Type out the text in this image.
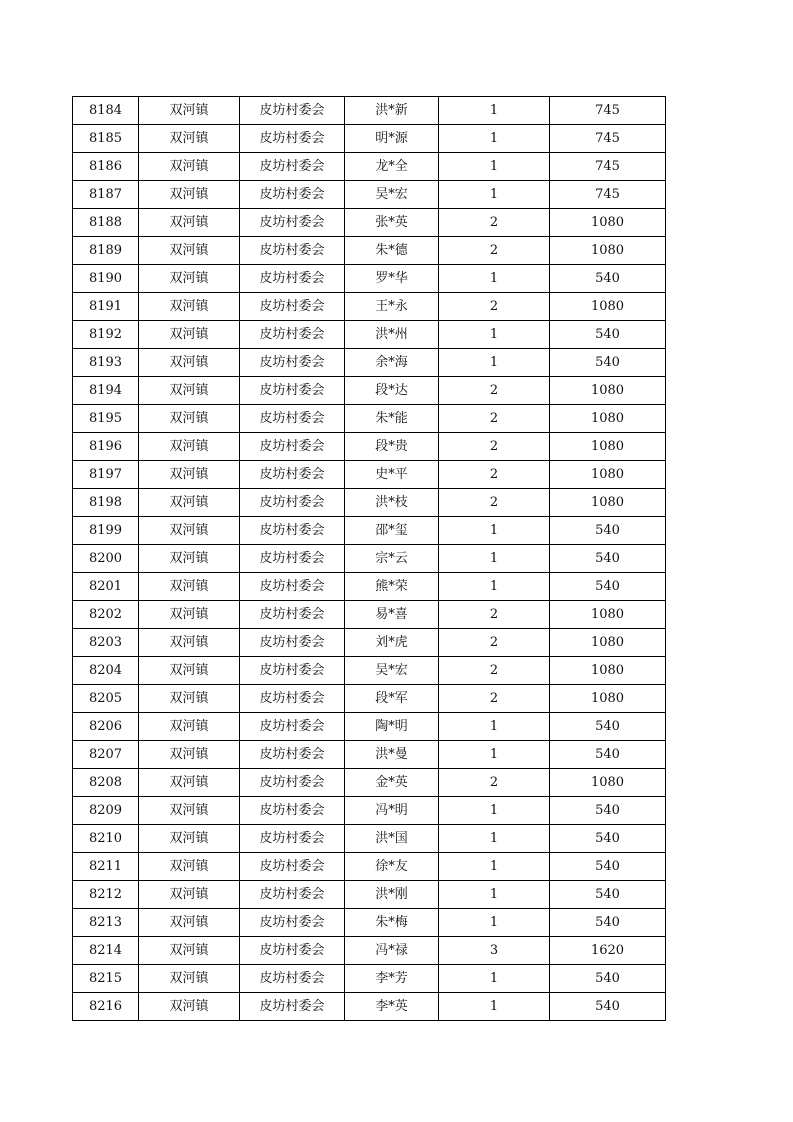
8184	双河镇	皮坊村委会	洪*新	1	745
8185	双河镇	皮坊村委会	明*源	1	745
8186	双河镇	皮坊村委会	龙*全	1	745
8187	双河镇	皮坊村委会	吴*宏	1	745
8188	双河镇	皮坊村委会	张*英	2	1080
8189	双河镇	皮坊村委会	朱*德	2	1080
8190	双河镇	皮坊村委会	罗*华	1	540
8191	双河镇	皮坊村委会	王*永	2	1080
8192	双河镇	皮坊村委会	洪*州	1	540
8193	双河镇	皮坊村委会	余*海	1	540
8194	双河镇	皮坊村委会	段*达	2	1080
8195	双河镇	皮坊村委会	朱*能	2	1080
8196	双河镇	皮坊村委会	段*贵	2	1080
8197	双河镇	皮坊村委会	史*平	2	1080
8198	双河镇	皮坊村委会	洪*枝	2	1080
8199	双河镇	皮坊村委会	邵*玺	1	540
8200	双河镇	皮坊村委会	宗*云	1	540
8201	双河镇	皮坊村委会	熊*荣	1	540
8202	双河镇	皮坊村委会	易*喜	2	1080
8203	双河镇	皮坊村委会	刘*虎	2	1080
8204	双河镇	皮坊村委会	吴*宏	2	1080
8205	双河镇	皮坊村委会	段*军	2	1080
8206	双河镇	皮坊村委会	陶*明	1	540
8207	双河镇	皮坊村委会	洪*曼	1	540
8208	双河镇	皮坊村委会	金*英	2	1080
8209	双河镇	皮坊村委会	冯*明	1	540
8210	双河镇	皮坊村委会	洪*国	1	540
8211	双河镇	皮坊村委会	徐*友	1	540
8212	双河镇	皮坊村委会	洪*刚	1	540
8213	双河镇	皮坊村委会	朱*梅	1	540
8214	双河镇	皮坊村委会	冯*禄	3	1620
8215	双河镇	皮坊村委会	李*芳	1	540
8216	双河镇	皮坊村委会	李*英	1	540
